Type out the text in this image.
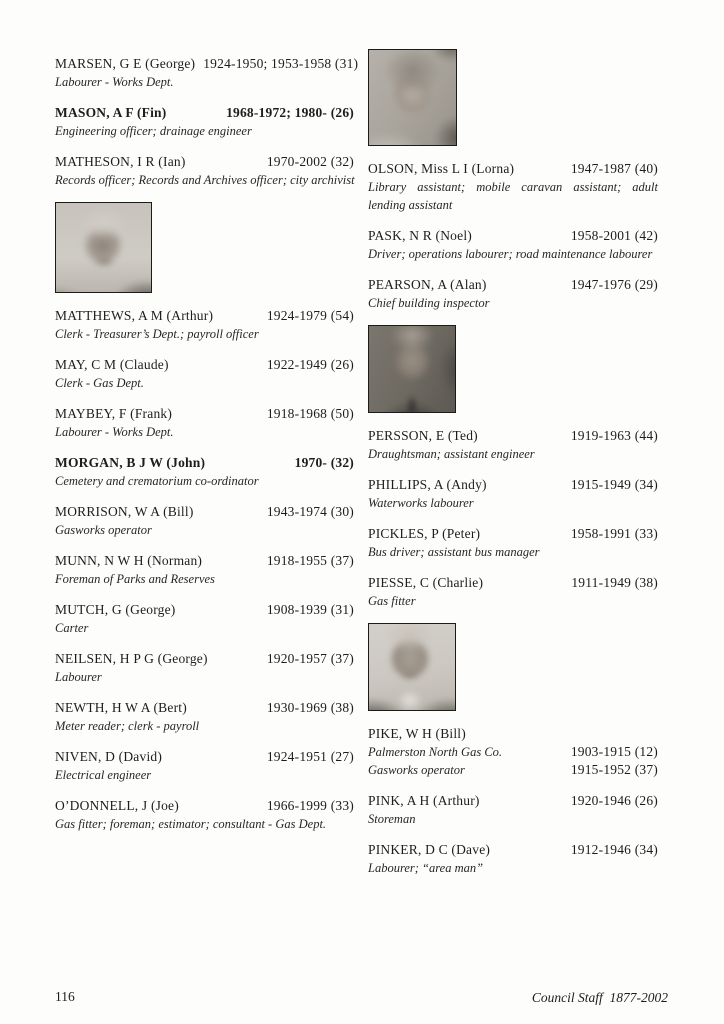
MARSEN, G E (George) 1924-1950; 1953-1958 (31)
Labourer - Works Dept.
MASON, A F (Fin)	1968-1972; 1980- (26)
Engineering officer; drainage engineer
MATHESON, I R (Ian)	1970-2002 (32)
Records officer; Records and Archives officer; city archivist
MATTHEWS, A M (Arthur)	1924-1979 (54)
Clerk - Treasurer’s Dept.; payroll officer
MAY, C M (Claude)	1922-1949 (26)
Clerk - Gas Dept.
MAYBEY, F (Frank)	1918-1968 (50)
Labourer - Works Dept.
MORGAN, B J W (John)	1970- (32)
Cemetery and crematorium co-ordinator
MORRISON, W A (Bill)	1943-1974 (30)
Gasworks operator
MUNN, N W H (Norman)	1918-1955 (37)
Foreman of Parks and Reserves
MUTCH, G (George)	1908-1939 (31)
Carter
NEILSEN, H P G (George)	1920-1957 (37)
Labourer
NEWTH, H W A (Bert)	1930-1969 (38)
Meter reader; clerk - payroll
NIVEN, D (David)	1924-1951 (27)
Electrical engineer
O’DONNELL, J (Joe)	1966-1999 (33)
Gas fitter; foreman; estimator; consultant - Gas Dept.
OLSON, Miss L I (Lorna)	1947-1987 (40)
Library assistant; mobile caravan assistant; adult lending assistant
PASK, N R (Noel)	1958-2001 (42)
Driver; operations labourer; road maintenance labourer
PEARSON, A (Alan)	1947-1976 (29)
Chief building inspector
PERSSON, E (Ted)	1919-1963 (44)
Draughtsman; assistant engineer
PHILLIPS, A (Andy)	1915-1949 (34)
Waterworks labourer
PICKLES, P (Peter)	1958-1991 (33)
Bus driver; assistant bus manager
PIESSE, C (Charlie)	1911-1949 (38)
Gas fitter
PIKE, W H (Bill)
Palmerston North Gas Co.	1903-1915 (12)
Gasworks operator	1915-1952 (37)
PINK, A H (Arthur)	1920-1946 (26)
Storeman
PINKER, D C (Dave)	1912-1946 (34)
Labourer; “area man”
116	Council Staff  1877-2002
